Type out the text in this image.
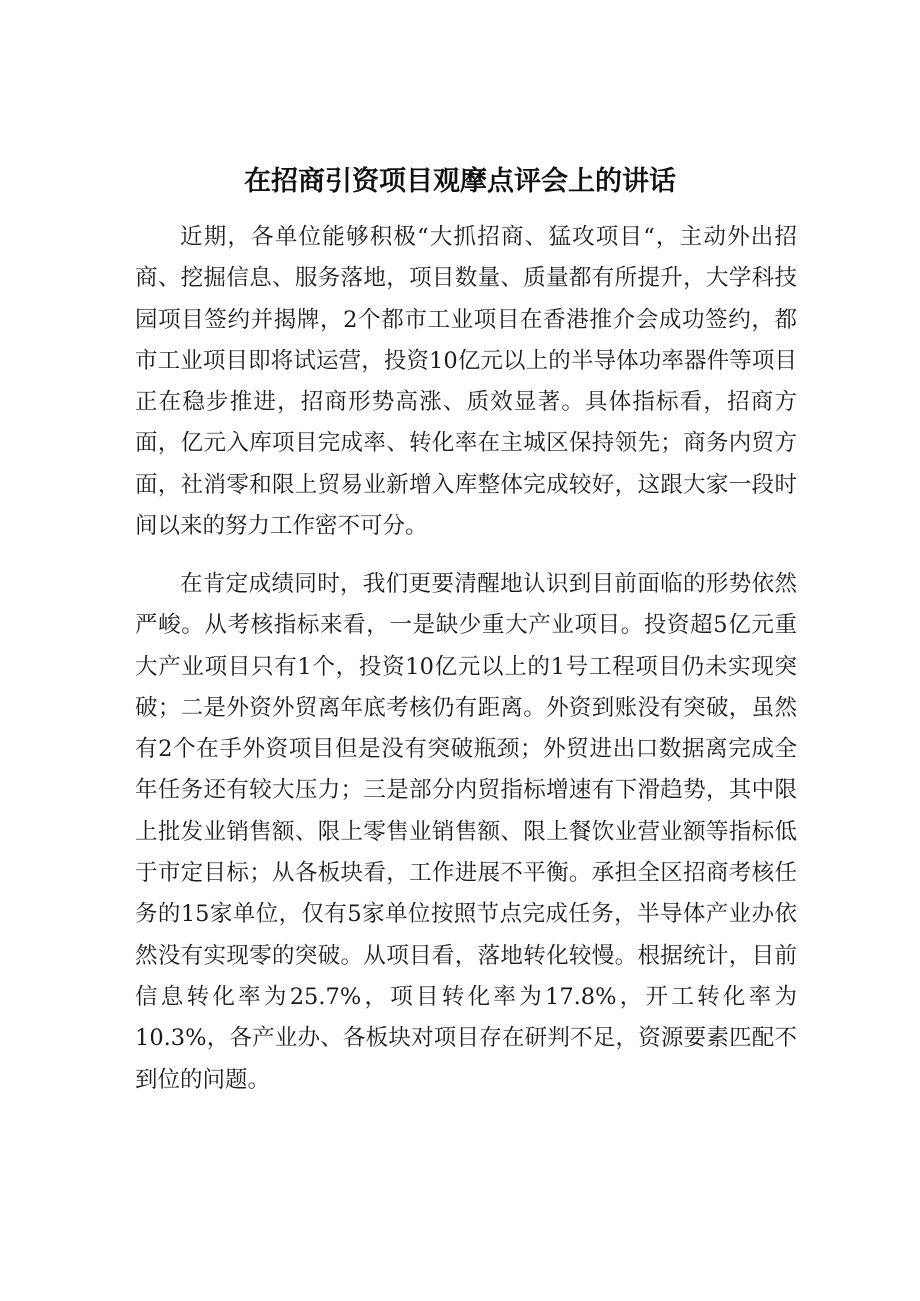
在招商引资项目观摩点评会上的讲话

近期，各单位能够积极“大抓招商、猛攻项目“，主动外出招商、挖掘信息、服务落地，项目数量、质量都有所提升，大学科技园项目签约并揭牌，2个都市工业项目在香港推介会成功签约，都市工业项目即将试运营，投资10亿元以上的半导体功率器件等项目正在稳步推进，招商形势高涨、质效显著。具体指标看，招商方面，亿元入库项目完成率、转化率在主城区保持领先；商务内贸方面，社消零和限上贸易业新增入库整体完成较好，这跟大家一段时间以来的努力工作密不可分。

在肯定成绩同时，我们更要清醒地认识到目前面临的形势依然严峻。从考核指标来看，一是缺少重大产业项目。投资超5亿元重大产业项目只有1个，投资10亿元以上的1号工程项目仍未实现突破；二是外资外贸离年底考核仍有距离。外资到账没有突破，虽然有2个在手外资项目但是没有突破瓶颈；外贸进出口数据离完成全年任务还有较大压力；三是部分内贸指标增速有下滑趋势，其中限上批发业销售额、限上零售业销售额、限上餐饮业营业额等指标低于市定目标；从各板块看，工作进展不平衡。承担全区招商考核任务的15家单位，仅有5家单位按照节点完成任务，半导体产业办依然没有实现零的突破。从项目看，落地转化较慢。根据统计，目前信息转化率为25.7%，项目转化率为17.8%，开工转化率为10.3%，各产业办、各板块对项目存在研判不足，资源要素匹配不到位的问题。
